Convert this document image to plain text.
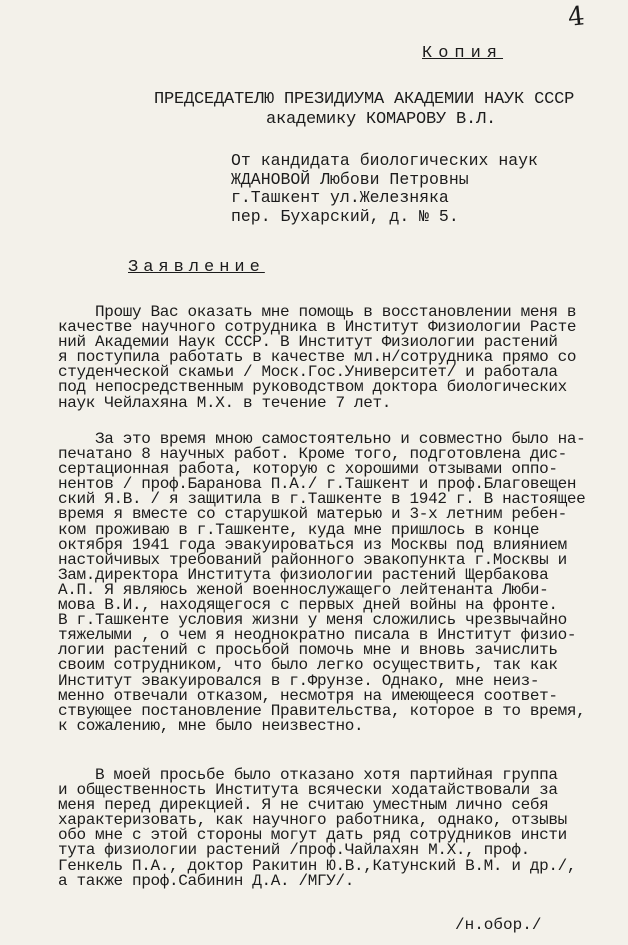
4
Копия
ПРЕДСЕДАТЕЛЮ ПРЕЗИДИУМА АКАДЕМИИ НАУК СССР
академику КОМАРОВУ В.Л.
От кандидата биологических наук
ЖДАНОВОЙ Любови Петровны
г.Ташкент ул.Железняка
пер. Бухарский, д. № 5.
Заявление
Прошу Вас оказать мне помощь в восстановлении меня в
качестве научного сотрудника в Институт Физиологии Расте
ний Академии Наук СССР. В Институт Физиологии растений
я поступила работать в качестве мл.н/сотрудника прямо со
студенческой скамьи / Моск.Гос.Университет/ и работала
под непосредственным руководством доктора биологических
наук Чейлахяна М.Х. в течение 7 лет.
За это время мною самостоятельно и совместно было на-
печатано 8 научных работ. Кроме того, подготовлена дис-
сертационная работа, которую с хорошими отзывами оппо-
нентов / проф.Баранова П.А./ г.Ташкент и проф.Благовещен
ский Я.В. / я защитила в г.Ташкенте в 1942 г. В настоящее
время я вместе со старушкой матерью и 3-х летним ребен-
ком проживаю в г.Ташкенте, куда мне пришлось в конце
октября 1941 года эвакуироваться из Москвы под влиянием
настойчивых требований районного эвакопункта г.Москвы и
Зам.директора Института физиологии растений Щербакова
А.П. Я являюсь женой военнослужащего лейтенанта Люби-
мова В.И., находящегося с первых дней войны на фронте.
В г.Ташкенте условия жизни у меня сложились чрезвычайно
тяжелыми , о чем я неоднократно писала в Институт физио-
логии растений с просьбой помочь мне и вновь зачислить
своим сотрудником, что было легко осуществить, так как
Институт эвакуировался в г.Фрунзе. Однако, мне неиз-
менно отвечали отказом, несмотря на имеющееся соответ-
ствующее постановление Правительства, которое в то время,
к сожалению, мне было неизвестно.
В моей просьбе было отказано хотя партийная группа
и общественность Института всячески ходатайствовали за
меня перед дирекцией. Я не считаю уместным лично себя
характеризовать, как научного работника, однако, отзывы
обо мне с этой стороны могут дать ряд сотрудников инсти
тута физиологии растений /проф.Чайлахян М.Х., проф.
Генкель П.А., доктор Ракитин Ю.В.,Катунский В.М. и др./,
а также проф.Сабинин Д.А. /МГУ/.
/н.обор./
